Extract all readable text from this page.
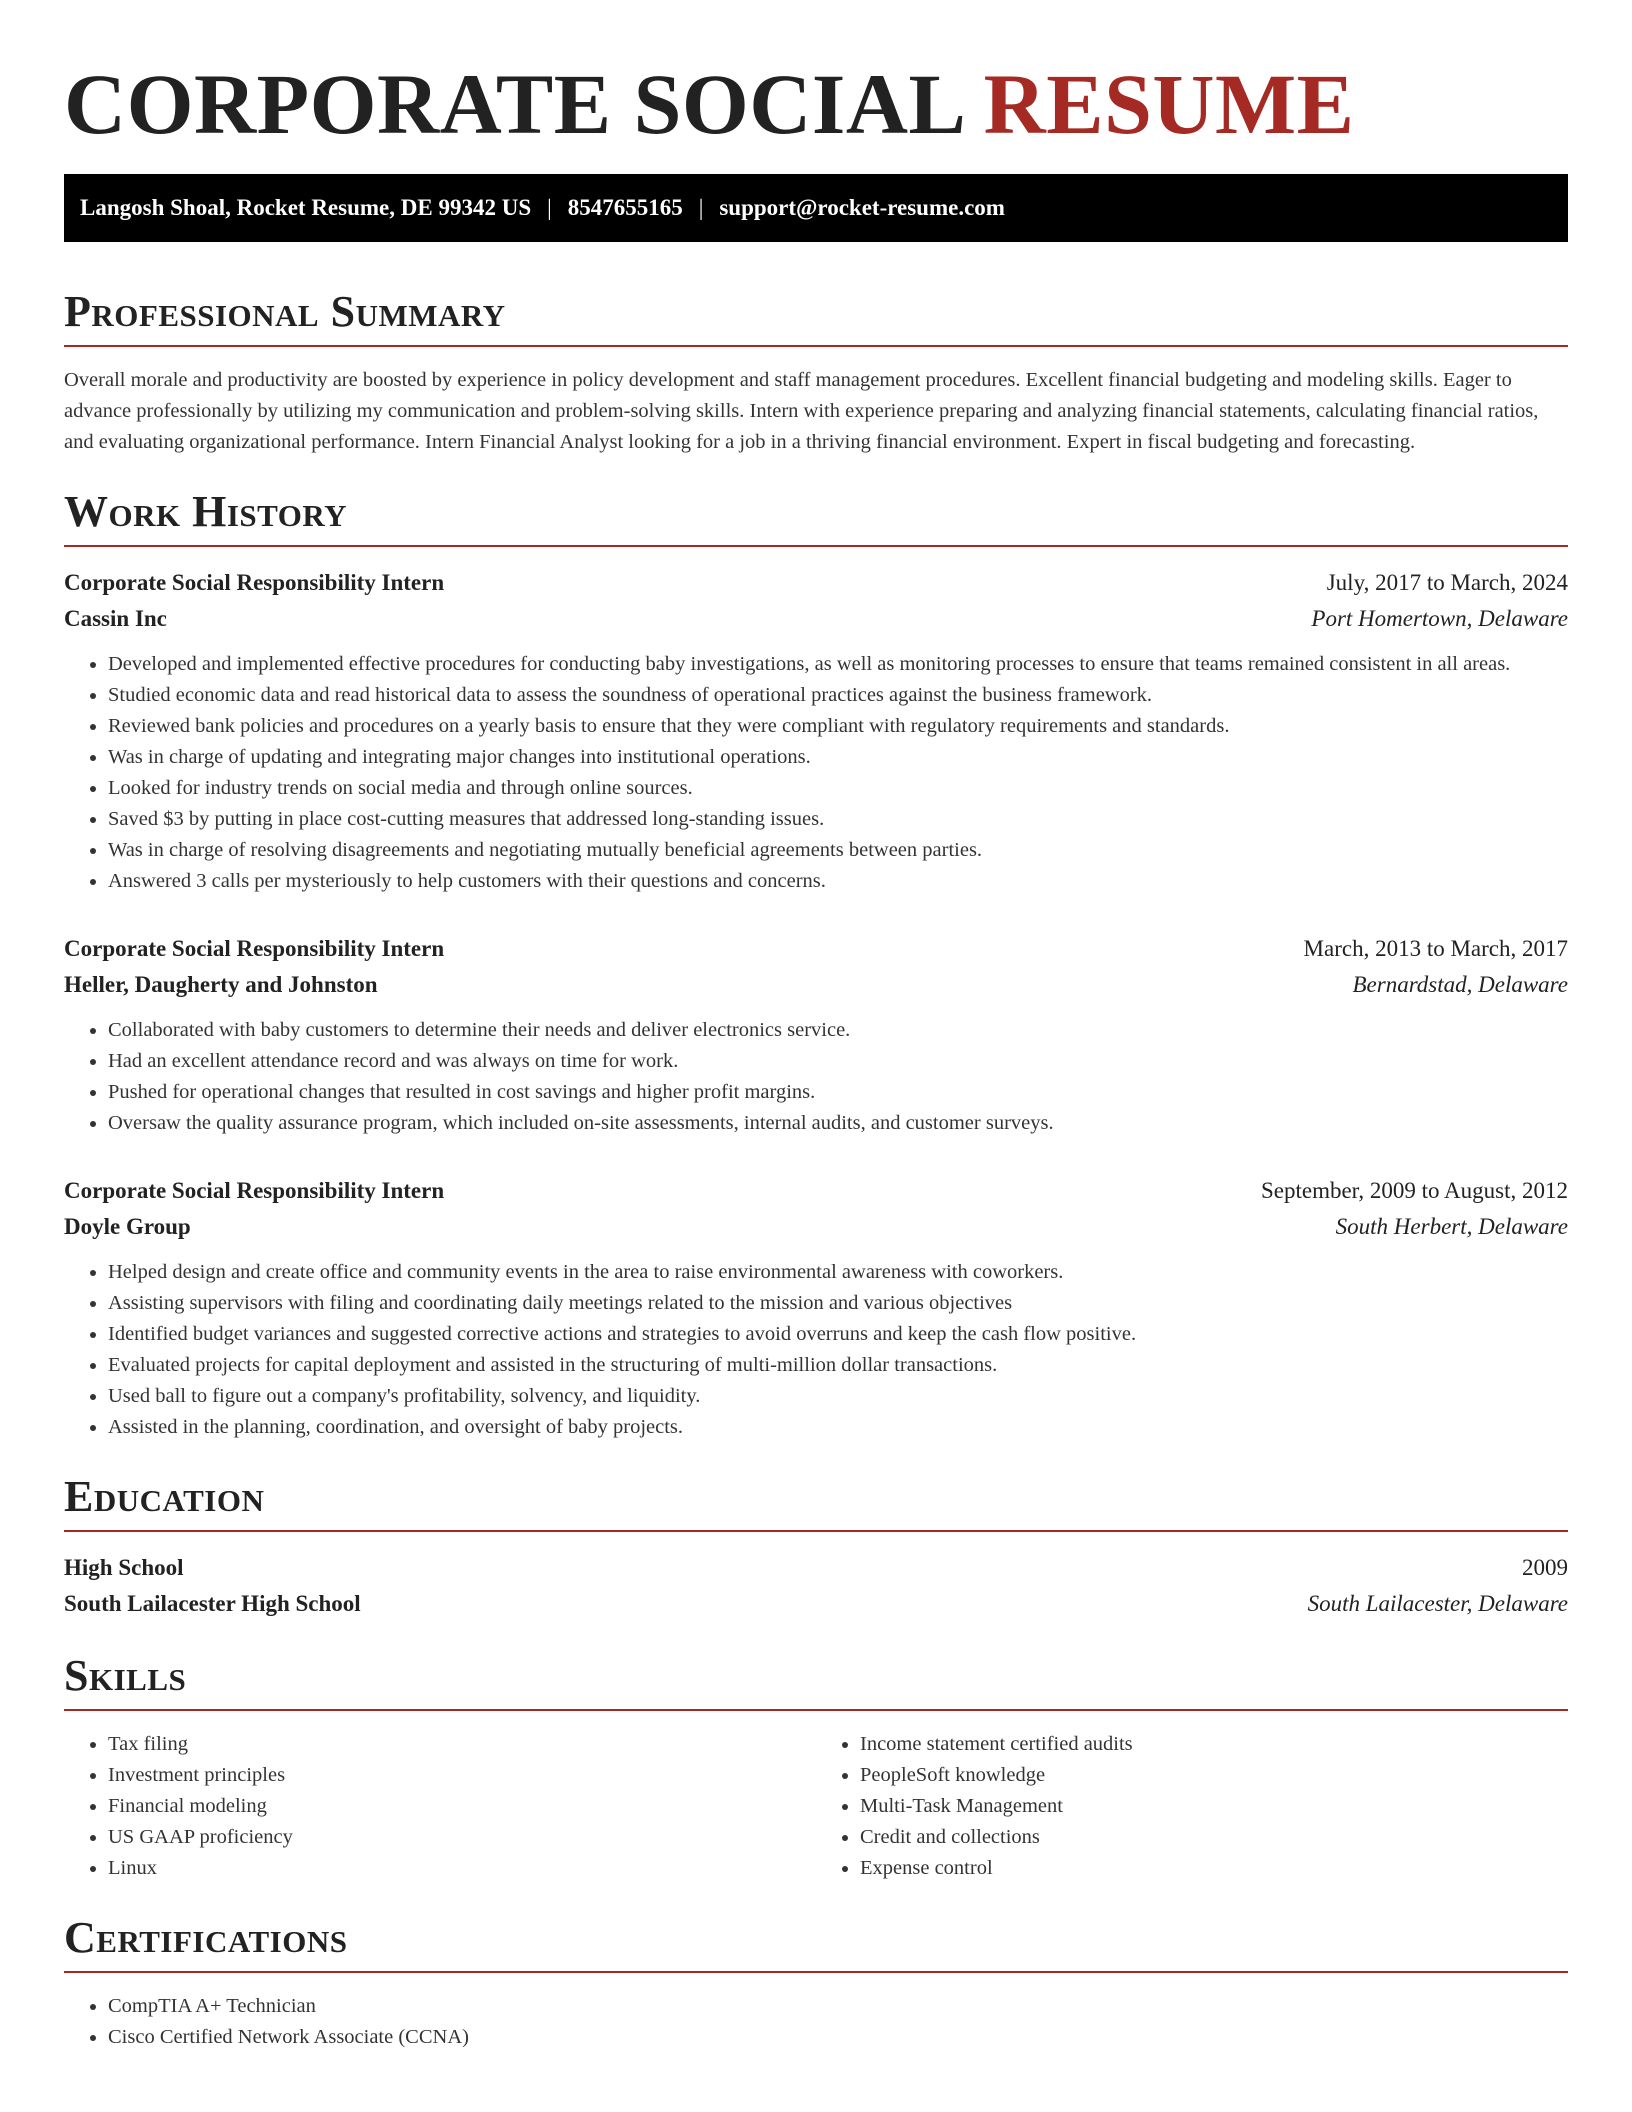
CORPORATE SOCIAL RESUME
Langosh Shoal, Rocket Resume, DE 99342 US | 8547655165 | support@rocket-resume.com
Professional Summary

Overall morale and productivity are boosted by experience in policy development and staff management procedures. Excellent financial budgeting and modeling skills. Eager to advance professionally by utilizing my communication and problem-solving skills. Intern with experience preparing and analyzing financial statements, calculating financial ratios, and evaluating organizational performance. Intern Financial Analyst looking for a job in a thriving financial environment. Expert in fiscal budgeting and forecasting.

Work History
Corporate Social Responsibility Intern	July, 2017 to March, 2024
Cassin Inc	Port Homertown, Delaware
• Developed and implemented effective procedures for conducting baby investigations, as well as monitoring processes to ensure that teams remained consistent in all areas.
• Studied economic data and read historical data to assess the soundness of operational practices against the business framework.
• Reviewed bank policies and procedures on a yearly basis to ensure that they were compliant with regulatory requirements and standards.
• Was in charge of updating and integrating major changes into institutional operations.
• Looked for industry trends on social media and through online sources.
• Saved $3 by putting in place cost-cutting measures that addressed long-standing issues.
• Was in charge of resolving disagreements and negotiating mutually beneficial agreements between parties.
• Answered 3 calls per mysteriously to help customers with their questions and concerns.
Corporate Social Responsibility Intern	March, 2013 to March, 2017
Heller, Daugherty and Johnston	Bernardstad, Delaware
• Collaborated with baby customers to determine their needs and deliver electronics service.
• Had an excellent attendance record and was always on time for work.
• Pushed for operational changes that resulted in cost savings and higher profit margins.
• Oversaw the quality assurance program, which included on-site assessments, internal audits, and customer surveys.
Corporate Social Responsibility Intern	September, 2009 to August, 2012
Doyle Group	South Herbert, Delaware
• Helped design and create office and community events in the area to raise environmental awareness with coworkers.
• Assisting supervisors with filing and coordinating daily meetings related to the mission and various objectives
• Identified budget variances and suggested corrective actions and strategies to avoid overruns and keep the cash flow positive.
• Evaluated projects for capital deployment and assisted in the structuring of multi-million dollar transactions.
• Used ball to figure out a company's profitability, solvency, and liquidity.
• Assisted in the planning, coordination, and oversight of baby projects.
Education
High School	2009
South Lailacester High School	South Lailacester, Delaware
Skills
• Tax filing
• Investment principles
• Financial modeling
• US GAAP proficiency
• Linux
• Income statement certified audits
• PeopleSoft knowledge
• Multi-Task Management
• Credit and collections
• Expense control
Certifications
• CompTIA A+ Technician
• Cisco Certified Network Associate (CCNA)
